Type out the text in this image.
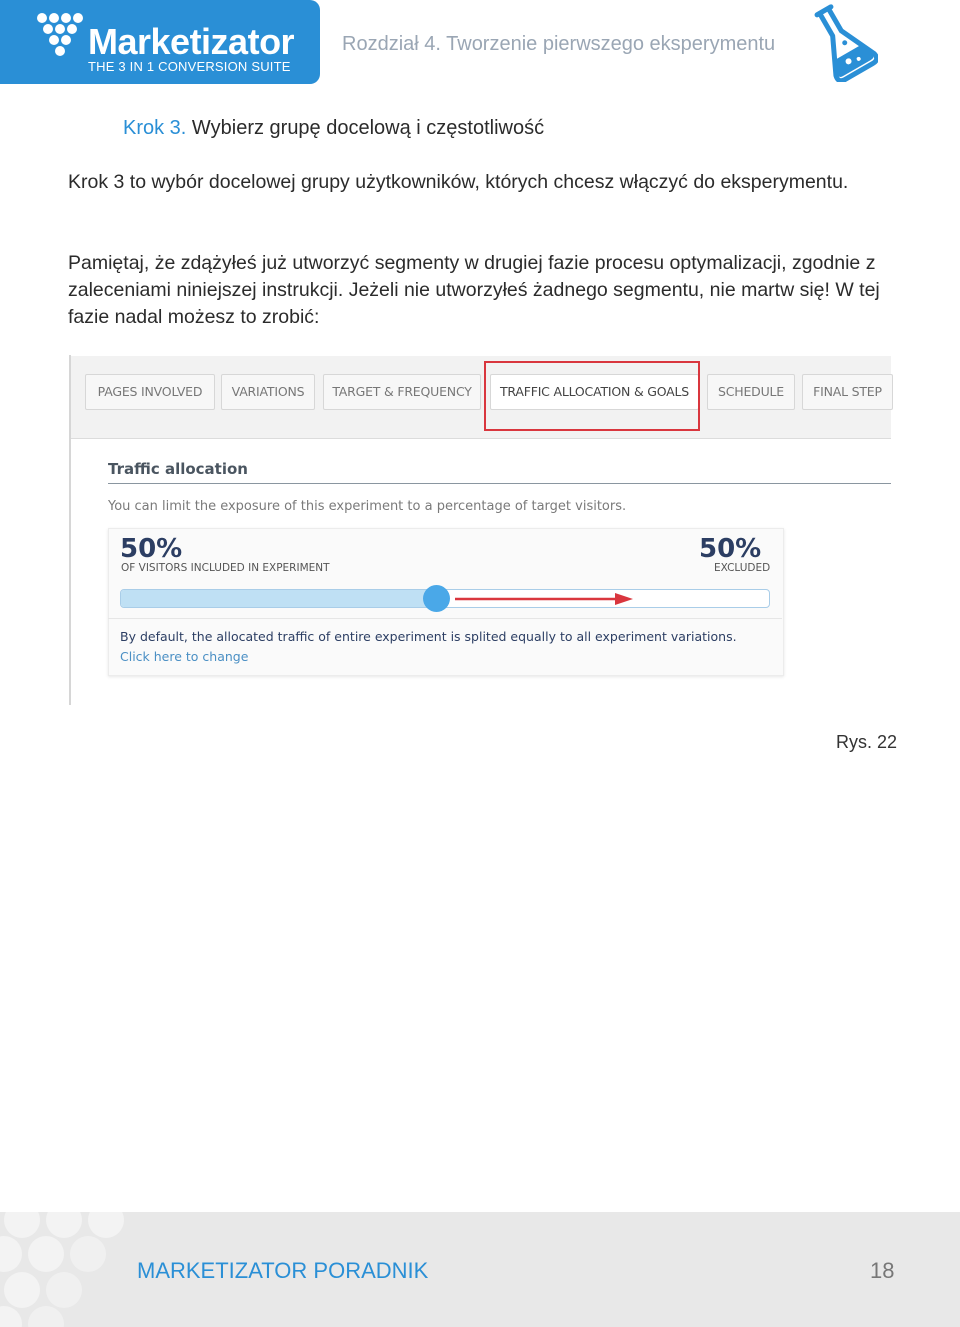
Marketizator
THE 3 IN 1 CONVERSION SUITE
Rozdział 4. Tworzenie pierwszego eksperymentu
Krok 3. Wybierz grupę docelową i częstotliwość
Krok 3 to wybór docelowej grupy użytkowników, których chcesz włączyć do eksperymentu.
Pamiętaj, że zdążyłeś już utworzyć segmenty w drugiej fazie procesu optymalizacji, zgodnie z zaleceniami niniejszej instrukcji. Jeżeli nie utworzyłeś żadnego segmentu, nie martw się! W tej fazie nadal możesz to zrobić:
PAGES INVOLVED	VARIATIONS	TARGET & FREQUENCY	TRAFFIC ALLOCATION & GOALS	SCHEDULE	FINAL STEP
Traffic allocation
You can limit the exposure of this experiment to a percentage of target visitors.
50%
OF VISITORS INCLUDED IN EXPERIMENT
50%
EXCLUDED
By default, the allocated traffic of entire experiment is splited equally to all experiment variations.
Click here to change
Rys. 22
MARKETIZATOR PORADNIK	18
